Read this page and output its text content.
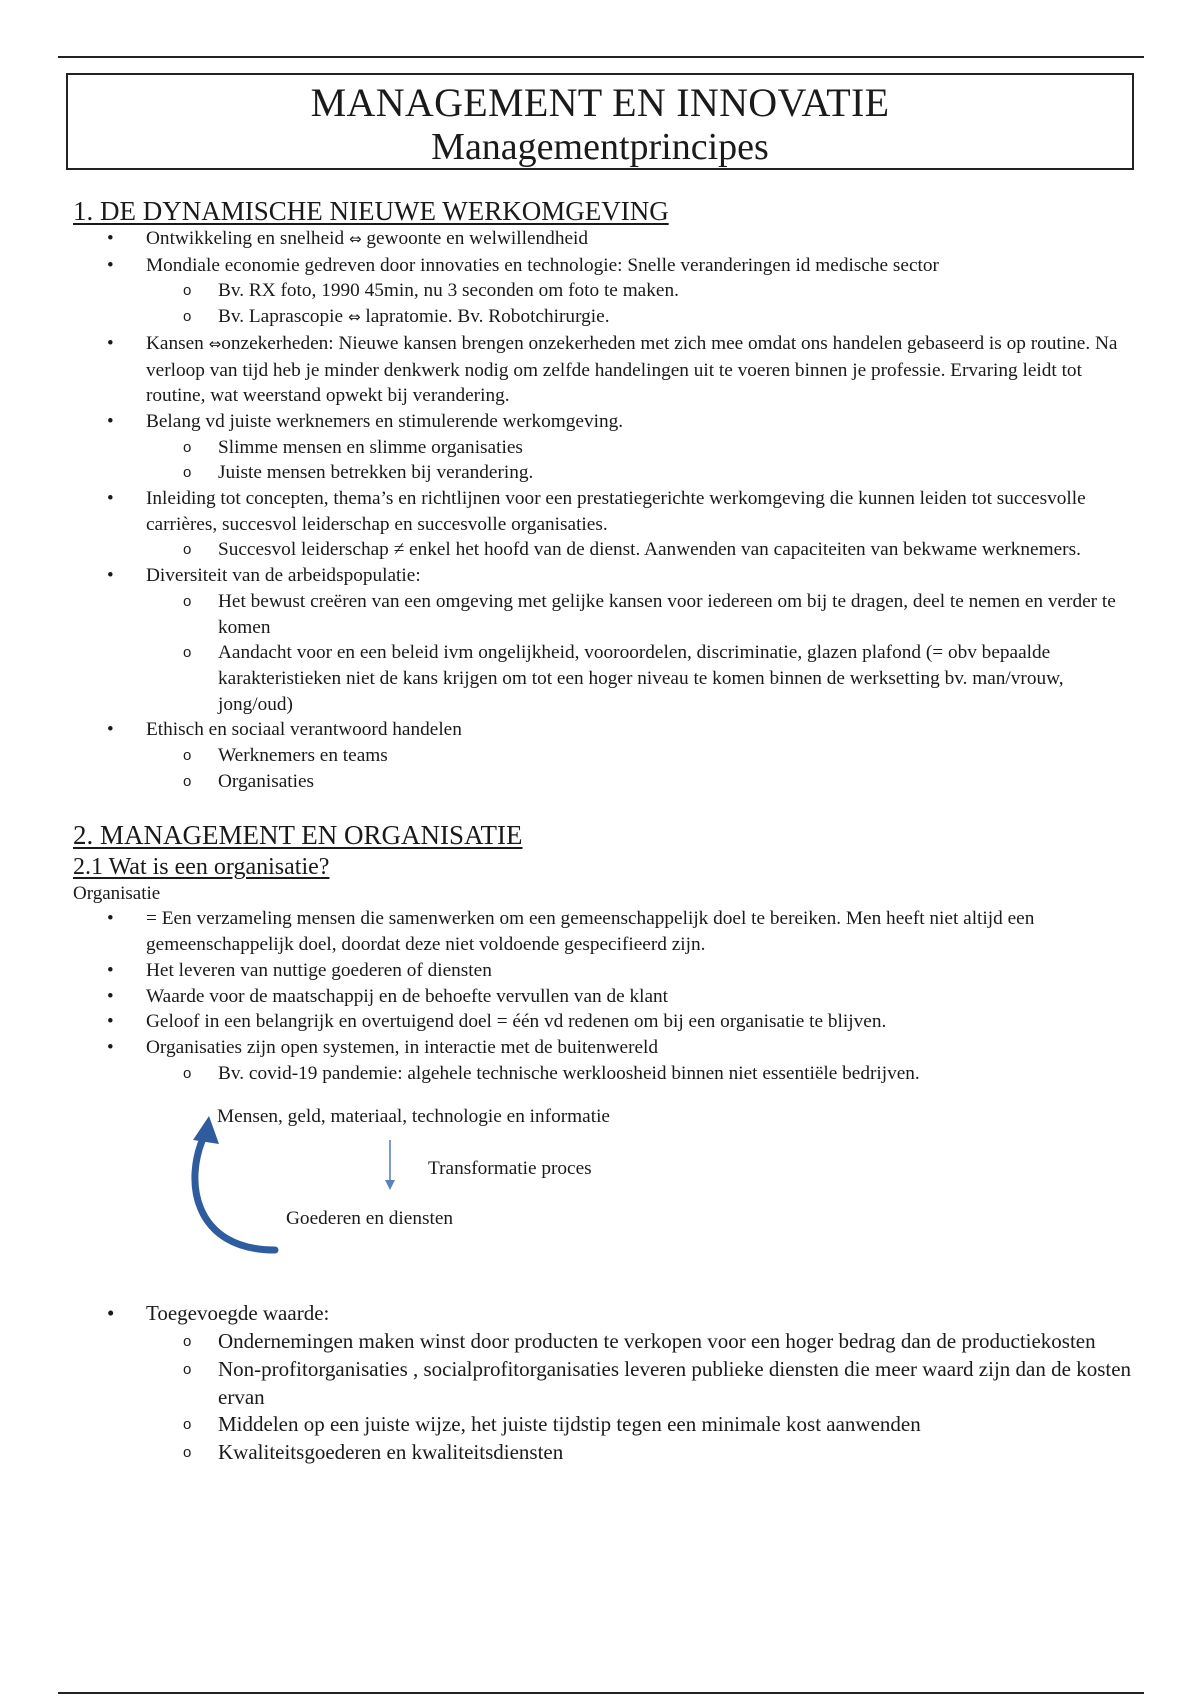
MANAGEMENT EN INNOVATIE
Managementprincipes
1. DE DYNAMISCHE NIEUWE WERKOMGEVING
• Ontwikkeling en snelheid ⇔ gewoonte en welwillendheid
• Mondiale economie gedreven door innovaties en technologie: Snelle veranderingen id medische sector
o Bv. RX foto, 1990 45min, nu 3 seconden om foto te maken.
o Bv. Laprascopie ⇔ lapratomie. Bv. Robotchirurgie.
• Kansen ⇔onzekerheden: Nieuwe kansen brengen onzekerheden met zich mee omdat ons handelen gebaseerd is op routine. Na verloop van tijd heb je minder denkwerk nodig om zelfde handelingen uit te voeren binnen je professie. Ervaring leidt tot routine, wat weerstand opwekt bij verandering.
• Belang vd juiste werknemers en stimulerende werkomgeving.
o Slimme mensen en slimme organisaties
o Juiste mensen betrekken bij verandering.
• Inleiding tot concepten, thema’s en richtlijnen voor een prestatiegerichte werkomgeving die kunnen leiden tot succesvolle carrières, succesvol leiderschap en succesvolle organisaties.
o Succesvol leiderschap ≠ enkel het hoofd van de dienst. Aanwenden van capaciteiten van bekwame werknemers.
• Diversiteit van de arbeidspopulatie:
o Het bewust creëren van een omgeving met gelijke kansen voor iedereen om bij te dragen, deel te nemen en verder te komen
o Aandacht voor en een beleid ivm ongelijkheid, vooroordelen, discriminatie, glazen plafond (= obv bepaalde karakteristieken niet de kans krijgen om tot een hoger niveau te komen binnen de werksetting bv. man/vrouw, jong/oud)
• Ethisch en sociaal verantwoord handelen
o Werknemers en teams
o Organisaties
2. MANAGEMENT EN ORGANISATIE
2.1 Wat is een organisatie?
Organisatie
• = Een verzameling mensen die samenwerken om een gemeenschappelijk doel te bereiken. Men heeft niet altijd een gemeenschappelijk doel, doordat deze niet voldoende gespecifieerd zijn.
• Het leveren van nuttige goederen of diensten
• Waarde voor de maatschappij en de behoefte vervullen van de klant
• Geloof in een belangrijk en overtuigend doel = één vd redenen om bij een organisatie te blijven.
• Organisaties zijn open systemen, in interactie met de buitenwereld
o Bv. covid-19 pandemie: algehele technische werkloosheid binnen niet essentiële bedrijven.
Mensen, geld, materiaal, technologie en informatie
Transformatie proces
Goederen en diensten
• Toegevoegde waarde:
o Ondernemingen maken winst door producten te verkopen voor een hoger bedrag dan de productiekosten
o Non-profitorganisaties , socialprofitorganisaties leveren publieke diensten die meer waard zijn dan de kosten ervan
o Middelen op een juiste wijze, het juiste tijdstip tegen een minimale kost aanwenden
o Kwaliteitsgoederen en kwaliteitsdiensten
